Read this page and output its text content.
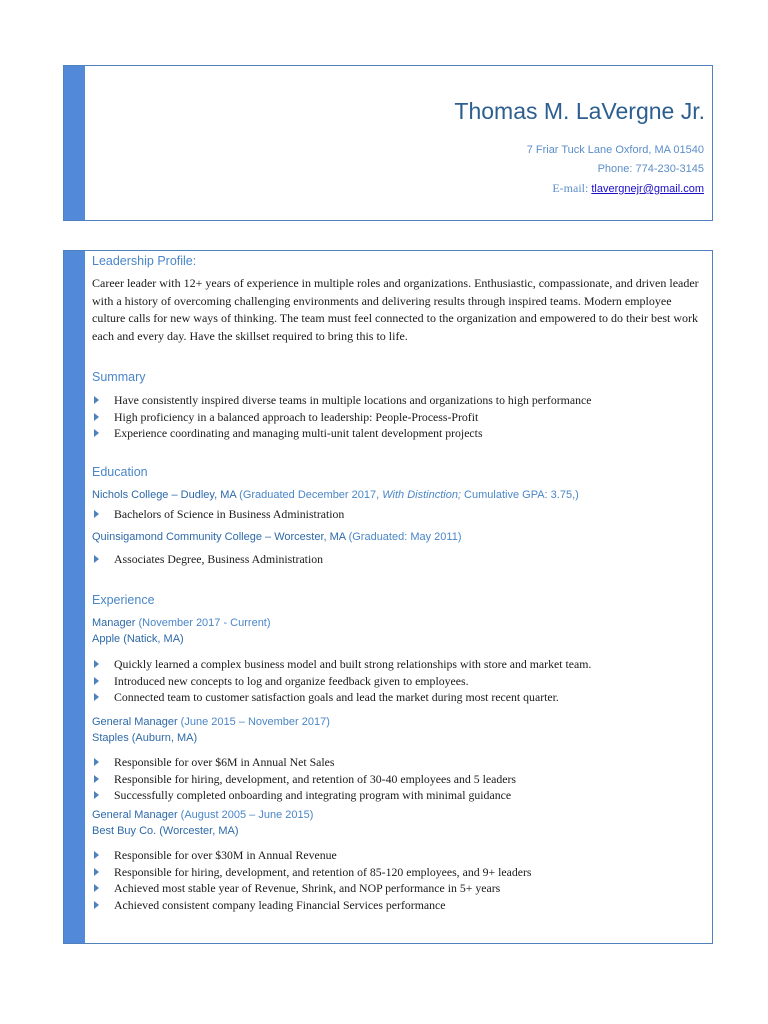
Thomas M. LaVergne Jr.
7 Friar Tuck Lane Oxford, MA 01540
Phone: 774-230-3145
E-mail: tlavergnejr@gmail.com
Leadership Profile:
Career leader with 12+ years of experience in multiple roles and organizations. Enthusiastic, compassionate, and driven leader with a history of overcoming challenging environments and delivering results through inspired teams. Modern employee culture calls for new ways of thinking. The team must feel connected to the organization and empowered to do their best work each and every day. Have the skillset required to bring this to life.
Summary
Have consistently inspired diverse teams in multiple locations and organizations to high performance
High proficiency in a balanced approach to leadership: People-Process-Profit
Experience coordinating and managing multi-unit talent development projects
Education
Nichols College – Dudley, MA (Graduated December 2017, With Distinction; Cumulative GPA: 3.75,)
Bachelors of Science in Business Administration
Quinsigamond Community College – Worcester, MA (Graduated: May 2011)
Associates Degree, Business Administration
Experience
Manager (November 2017 - Current)
Apple (Natick, MA)
Quickly learned a complex business model and built strong relationships with store and market team.
Introduced new concepts to log and organize feedback given to employees.
Connected team to customer satisfaction goals and lead the market during most recent quarter.
General Manager (June 2015 – November 2017)
Staples (Auburn, MA)
Responsible for over $6M in Annual Net Sales
Responsible for hiring, development, and retention of 30-40 employees and 5 leaders
Successfully completed onboarding and integrating program with minimal guidance
General Manager (August 2005 – June 2015)
Best Buy Co. (Worcester, MA)
Responsible for over $30M in Annual Revenue
Responsible for hiring, development, and retention of 85-120 employees, and 9+ leaders
Achieved most stable year of Revenue, Shrink, and NOP performance in 5+ years
Achieved consistent company leading Financial Services performance
